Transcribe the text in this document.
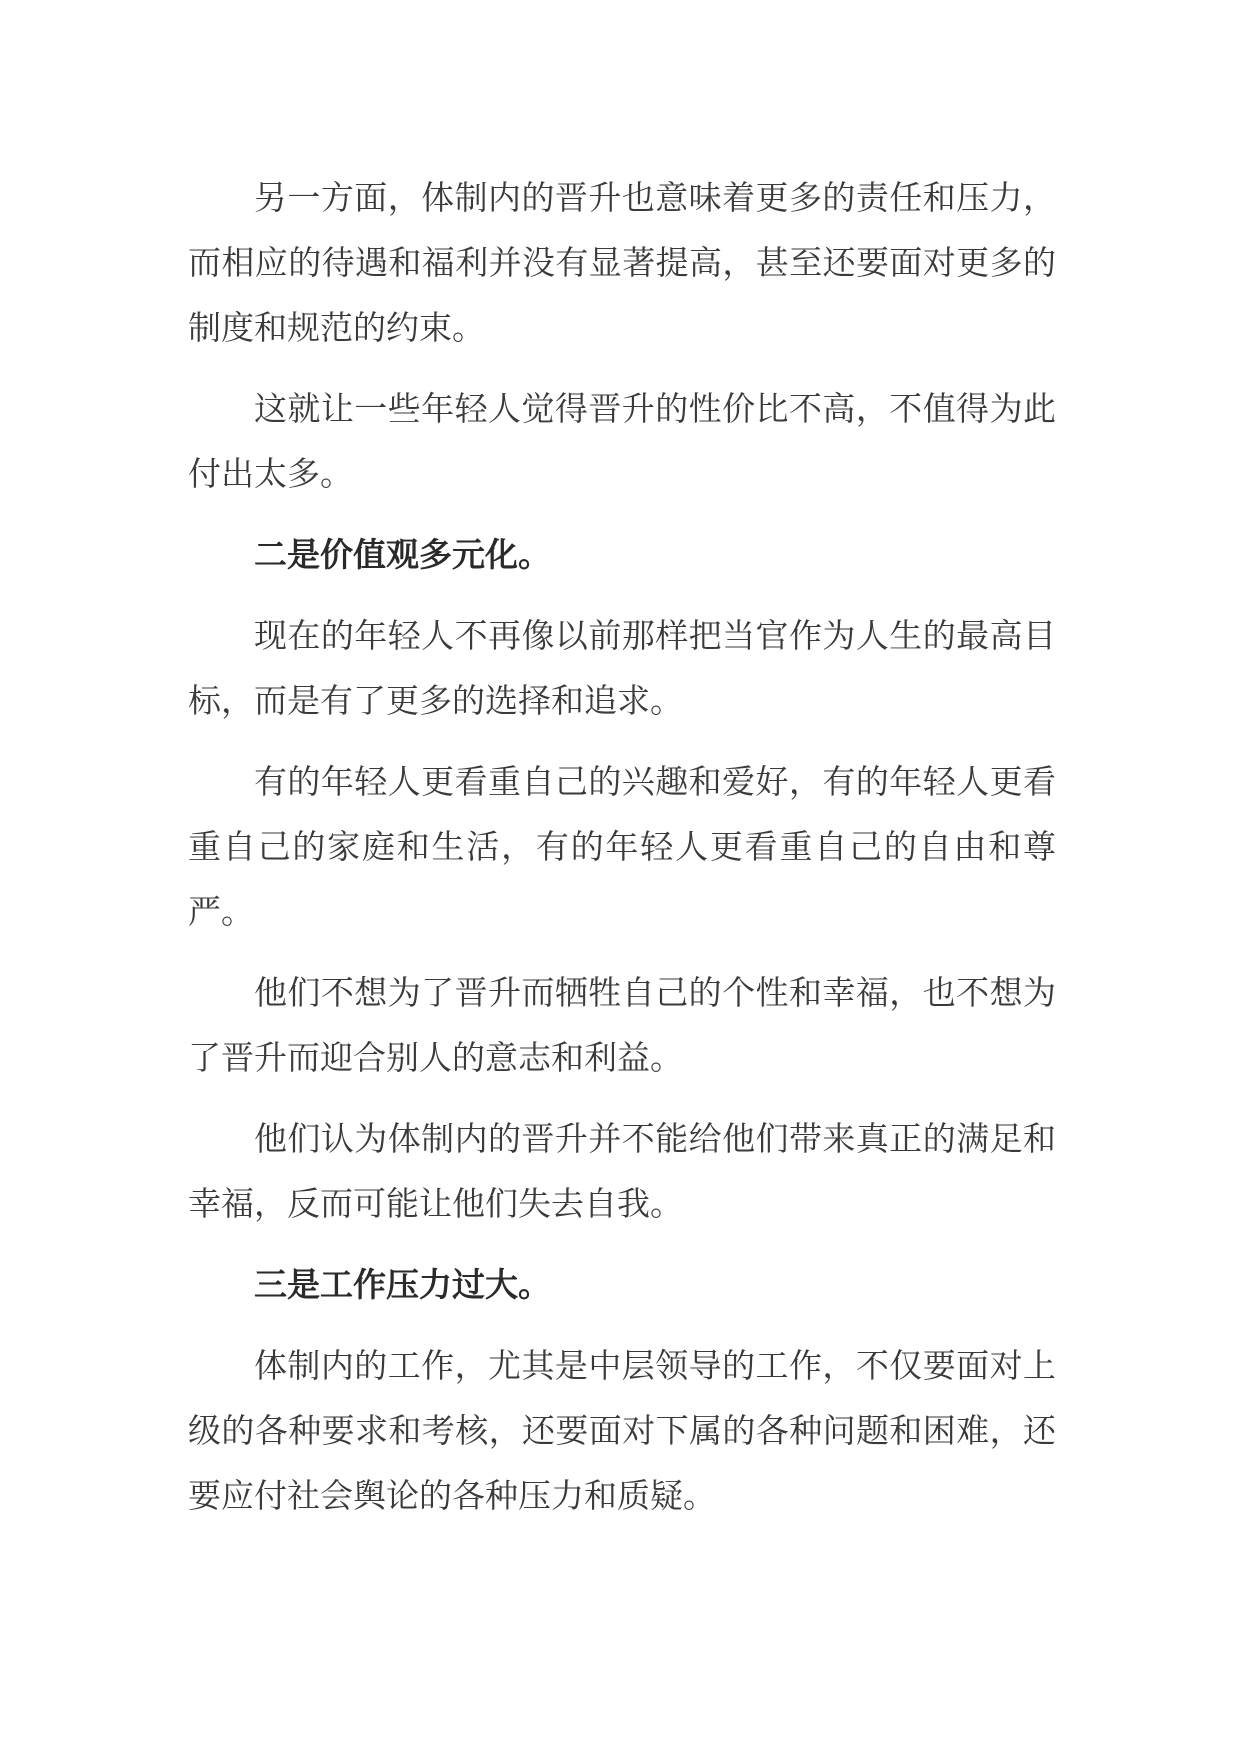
另一方面，体制内的晋升也意味着更多的责任和压力，而相应的待遇和福利并没有显著提高，甚至还要面对更多的制度和规范的约束。

这就让一些年轻人觉得晋升的性价比不高，不值得为此付出太多。

二是价值观多元化。

现在的年轻人不再像以前那样把当官作为人生的最高目标，而是有了更多的选择和追求。

有的年轻人更看重自己的兴趣和爱好，有的年轻人更看重自己的家庭和生活，有的年轻人更看重自己的自由和尊严。

他们不想为了晋升而牺牲自己的个性和幸福，也不想为了晋升而迎合别人的意志和利益。

他们认为体制内的晋升并不能给他们带来真正的满足和幸福，反而可能让他们失去自我。

三是工作压力过大。

体制内的工作，尤其是中层领导的工作，不仅要面对上级的各种要求和考核，还要面对下属的各种问题和困难，还要应付社会舆论的各种压力和质疑。
